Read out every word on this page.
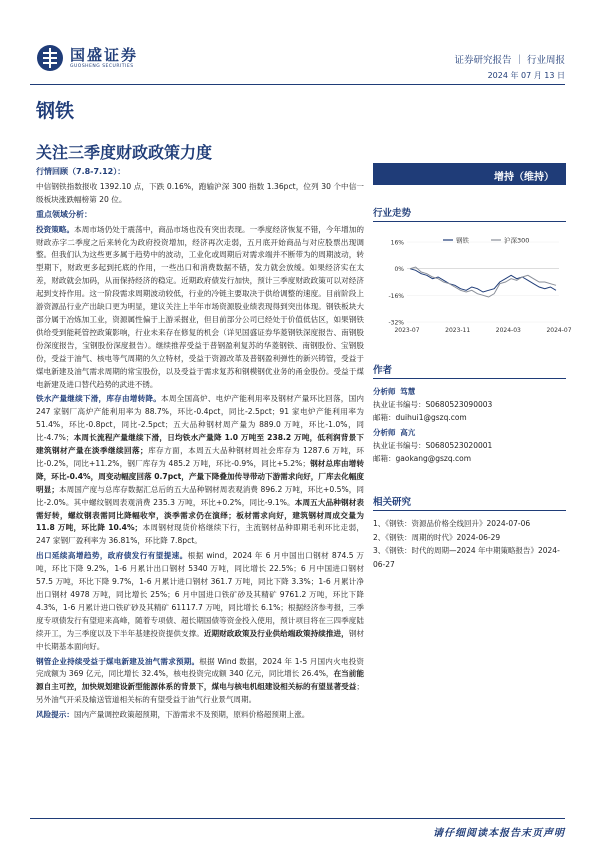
国盛证券
GUOSHENG SECURITIES
证券研究报告 ｜ 行业周报
2024 年 07 月 13 日
钢铁
关注三季度财政政策力度
增持（维持）

行情回顾（7.8-7.12）：

中信钢铁指数报收 1392.10 点，下跌 0.16%，跑输沪深 300 指数 1.36pct，位列 30 个中信一级板块涨跌幅榜第 20 位。

重点领域分析：

投资策略。本周市场仍处于震荡中，商品市场也没有突出表现。一季度经济恢复不错，今年增加的财政赤字二季度之后来转化为政府投资增加，经济再次走弱，五月底开始商品与对应股票出现调整。但我们认为这些更多属于趋势中的波动，工业化或周期后对需求端并不断带为的周期波动，转型期下，财政更多起到托底的作用，一些出口和消费数据不错，发力就会放缓。如果经济实在太差，财政就会加码，从而保持经济的稳定。近期政府债发行加快，预计三季度财政政策可以对经济起到支持作用。这一阶段需求周期波动较低，行业的冷链主要取决于供给调整的速度。目前阶段上游资源品行业产出缺口更为明显，建议关注上半年市场资源股业绩表现得到突出体现。钢铁板块大部分属于冶炼加工业，资源属性偏于上游采掘业，但目前部分公司已经处于价值低估区，如果钢铁供给受到能耗管控政策影响，行业未来存在修复的机会（详见国盛证券华菱钢铁深度报告、南钢股份深度报告，宝钢股份深度报告）。继续推荐受益于普钢盈利复苏的华菱钢铁、南钢股份、宝钢股份，受益于油气、核电等气周期的久立特材，受益于资源改革及普钢盈利弹性的新兴铸管，受益于煤电新建及油气需求周期的常宝股份，以及受益于需求复苏和钢模钢优业务的甬金股份。受益于煤电新建及进口替代趋势的武进不锈。

铁水产量继续下滑，库存由增转降。本周全国高炉、电炉产能利用率及钢材产量环比回落，国内 247 家钢厂高炉产能利用率为 88.7%，环比-0.4pct，同比-2.5pct；91 家电炉产能利用率为 51.4%，环比-0.8pct，同比-2.5pct；五大品种钢材周产量为 889.0 万吨，环比-1.0%，同比-4.7%；本周长流程产量继续下滑，日均铁水产量降 1.0 万吨至 238.2 万吨，低利润背景下建筑钢材产量在淡季继续回落；库存方面，本周五大品种钢材周社会库存为 1287.6 万吨，环比-0.2%，同比+11.2%，钢厂库存为 485.2 万吨，环比-0.9%，同比+5.2%；钢材总库由增转降，环比-0.4%，周变动幅度回落 0.7pct，产量下降叠加传导带动下游需求向好，厂库去化幅度明显；本周国产度与总库存数据汇总后的五大品种钢材周表观消费 896.2 万吨，环比+0.5%，同比-2.0%。其中螺纹钢周表观消费 235.3 万吨，环比+0.2%，同比-9.1%。本周五大品种钢材表需好转，螺纹钢表需同比降幅收窄，淡季需求仍在演绎；板材需求向好，建筑钢材周成交量为 11.8 万吨，环比降 10.4%；本周钢材现货价格继续下行，主流钢材品种即期毛利环比走弱，247 家钢厂盈利率为 36.81%，环比降 7.8pct。

出口延续高增趋势，政府债发行有望提速。根据 wind，2024 年 6 月中国出口钢材 874.5 万吨，环比下降 9.2%，1-6 月累计出口钢材 5340 万吨，同比增长 22.5%；6 月中国进口钢材 57.5 万吨，环比下降 9.7%，1-6 月累计进口钢材 361.7 万吨，同比下降 3.3%；1-6 月累计净出口钢材 4978 万吨，同比增长 25%；6 月中国进口铁矿砂及其精矿 9761.2 万吨，环比下降 4.3%，1-6 月累计进口铁矿砂及其精矿 61117.7 万吨，同比增长 6.1%；根据经济参考报，三季度专项债发行有望迎来高峰，随着专项债、超长期国债等资金投入使用，预计项目将在三四季度陆续开工，为三季度以及下半年基建投资提供支撑。近期财政政策及行业供给端政策持续推进，钢材中长期基本面向好。

钢管企业持续受益于煤电新建及油气需求预期。根据 Wind 数据，2024 年 1-5 月国内火电投资完成额为 369 亿元，同比增长 32.4%，核电投资完成额 340 亿元，同比增长 26.4%，在当前能源自主可控，加快规划建设新型能源体系的背景下，煤电与核电机组建设相关标的有望显著受益；另外油气开采及输送管道相关标的有望受益于油气行业景气周期。

风险提示：国内产量调控政策超预期，下游需求不及预期，原料价格超预期上涨。

行业走势
16%
0%
-16%
-32%
2023-07	2023-11	2024-03	2024-07
钢铁	沪深300
作者
分析师 笃慧
执业证书编号：S0680523090003
邮箱：duihui1@gszq.com
分析师 高亢
执业证书编号：S0680523020001
邮箱：gaokang@gszq.com
相关研究
1、《钢铁：资源品价格全线回升》2024-07-06
2、《钢铁：周期的时代》2024-06-29
3、《钢铁：时代的周期—2024 年中期策略报告》2024-06-27
请仔细阅读本报告末页声明
